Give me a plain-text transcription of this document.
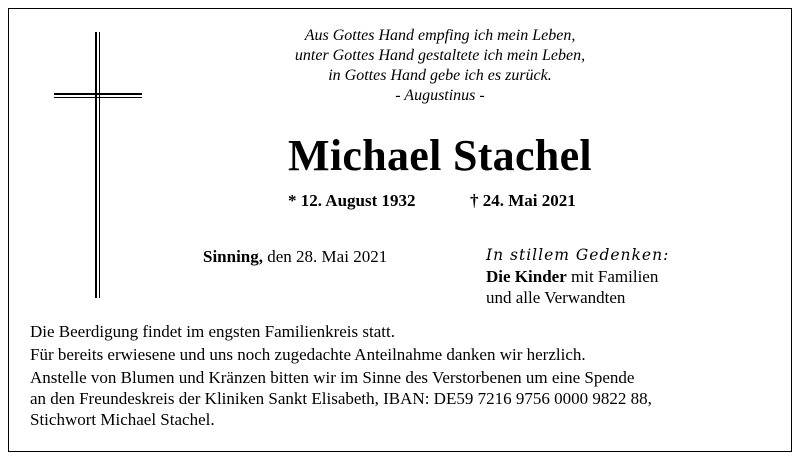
Aus Gottes Hand empfing ich mein Leben,
unter Gottes Hand gestaltete ich mein Leben,
in Gottes Hand gebe ich es zurück.
- Augustinus -
Michael Stachel
* 12. August 1932	† 24. Mai 2021
Sinning, den 28. Mai 2021	In stillem Gedenken:
Die Kinder mit Familien
und alle Verwandten

Die Beerdigung findet im engsten Familienkreis statt.

Für bereits erwiesene und uns noch zugedachte Anteilnahme danken wir herzlich.

Anstelle von Blumen und Kränzen bitten wir im Sinne des Verstorbenen um eine Spende
an den Freundeskreis der Kliniken Sankt Elisabeth, IBAN: DE59 7216 9756 0000 9822 88,
Stichwort Michael Stachel.
